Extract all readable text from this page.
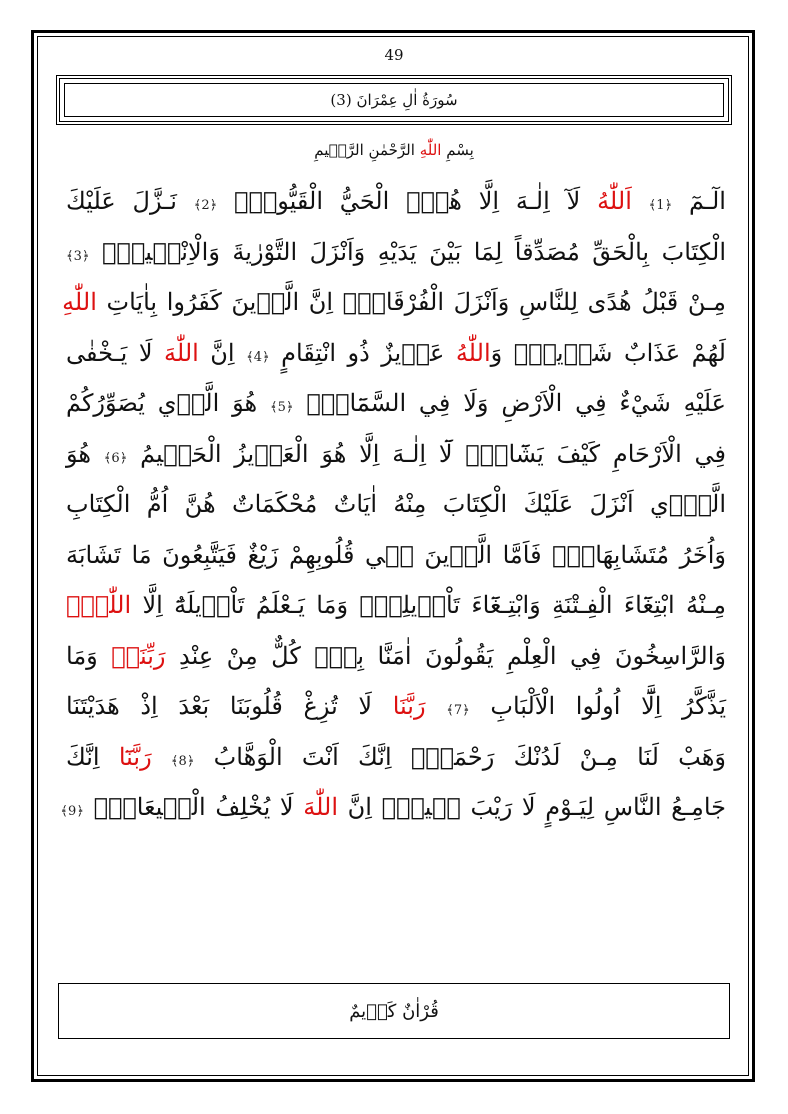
49
سُورَةُ اٰلِ عِمْرَانَ (3)
بِسْمِ اللّٰهِ الرَّحْمٰنِ الرَّح۪يمِ
الٓـمٓ ﴿1﴾ اَللّٰهُ لَآ اِلٰـهَ اِلَّا هُوَۚ الْحَيُّ الْقَيُّومُۜ ﴿2﴾ نَـزَّلَ عَلَيْكَ
الْكِتَابَ بِالْحَقِّ مُصَدِّقاً لِمَا بَيْنَ يَدَيْهِ وَاَنْزَلَ التَّوْرٰيةَ وَالْاِنْج۪يلَۙ ﴿3﴾
مِـنْ قَبْلُ هُدًى لِلنَّاسِ وَاَنْزَلَ الْفُرْقَانَۜ اِنَّ الَّذ۪ينَ كَفَرُوا بِاٰيَاتِ اللّٰهِ
لَهُمْ عَذَابٌ شَد۪يدٌۜ وَاللّٰهُ عَز۪يزٌ ذُو انْتِقَامٍ ﴿4﴾ اِنَّ اللّٰهَ لَا يَـخْفٰى
عَلَيْهِ شَيْءٌ فِي الْاَرْضِ وَلَا فِي السَّمَٓاءِۜ ﴿5﴾ هُوَ الَّذ۪ي يُصَوِّرُكُمْ
فِي الْاَرْحَامِ كَيْفَ يَشَٓاءُۜ لَٓا اِلٰـهَ اِلَّا هُوَ الْعَز۪يزُ الْحَك۪يمُ ﴿6﴾ هُوَ
الَّذ۪ٓي اَنْزَلَ عَلَيْكَ الْكِتَابَ مِنْهُ اٰيَاتٌ مُحْكَمَاتٌ هُنَّ اُمُّ الْكِتَابِ
وَاُخَرُ مُتَشَابِهَاتٌۜ فَاَمَّا الَّذ۪ينَ ف۪ي قُلُوبِهِمْ زَيْغٌ فَيَتَّبِعُونَ مَا تَشَابَهَ
مِـنْهُ ابْتِغَٓاءَ الْفِـتْنَةِ وَابْتِـغَٓاءَ تَاْو۪يلِه۪ۚ وَمَا يَـعْلَمُ تَاْو۪يلَهُٓ اِلَّا اللّٰهُۢ
وَالرَّاسِخُونَ فِي الْعِلْمِ يَقُولُونَ اٰمَنَّا بِه۪ۙ كُلٌّ مِنْ عِنْدِ رَبِّنَاۚ وَمَا
يَذَّكَّرُ اِلَّٓا اُولُوا الْاَلْبَابِ ﴿7﴾ رَبَّنَا لَا تُزِغْ قُلُوبَنَا بَعْدَ اِذْ هَدَيْتَنَا
وَهَبْ لَنَا مِـنْ لَدُنْكَ رَحْمَةًۚ اِنَّكَ اَنْتَ الْوَهَّابُ ﴿8﴾ رَبَّنَٓا اِنَّكَ
جَامِـعُ النَّاسِ لِيَـوْمٍ لَا رَيْبَ ف۪يهِۜ اِنَّ اللّٰهَ لَا يُخْلِفُ الْم۪يعَادَ۟ ﴿9﴾
قُرْاٰنٌ كَر۪يمٌ
